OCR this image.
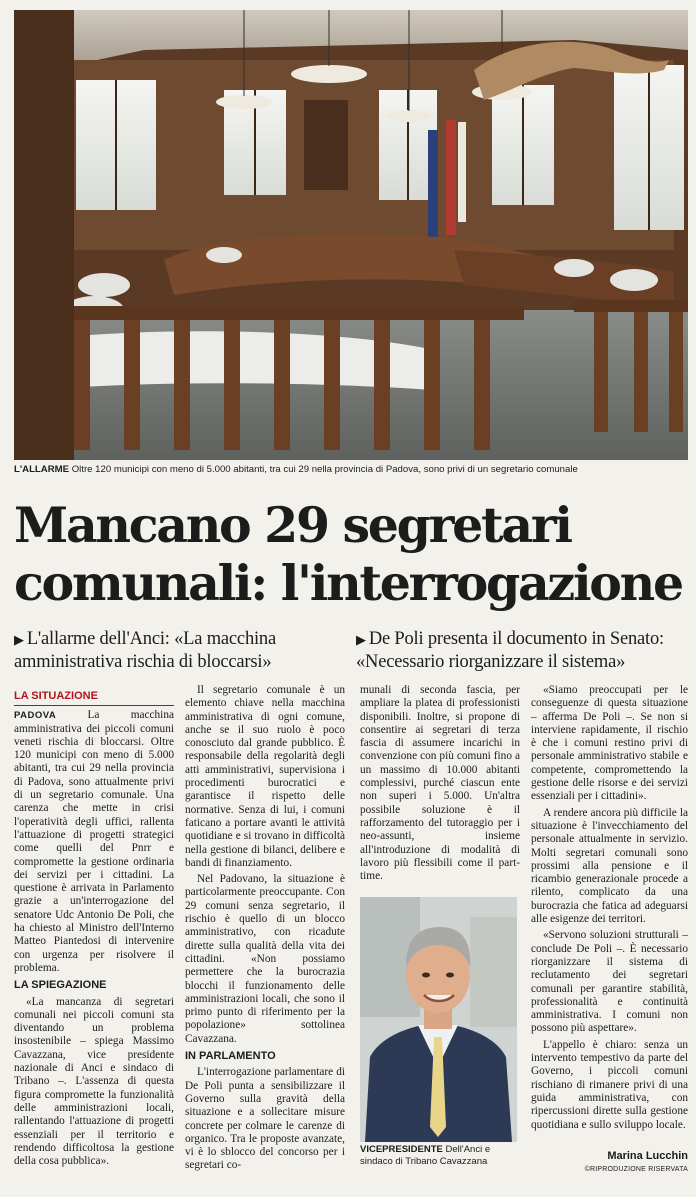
L'ALLARME Oltre 120 municipi con meno di 5.000 abitanti, tra cui 29 nella provincia di Padova, sono privi di un segretario comunale
Mancano 29 segretari
comunali: l'interrogazione
▶ L'allarme dell'Anci: «La macchina
amministrativa rischia di bloccarsi»
▶ De Poli presenta il documento in Senato:
«Necessario riorganizzare il sistema»
LA SITUAZIONE

PADOVA	La macchina amministrativa dei piccoli comuni veneti rischia di bloccarsi. Oltre 120 municipi con meno di 5.000 abitanti, tra cui 29 nella provincia di Padova, sono attualmente privi di un segretario comunale. Una carenza che mette in crisi l'operatività degli uffici, rallenta l'attuazione di progetti strategici come quelli del Pnrr e compromette la gestione ordinaria dei servizi per i cittadini. La questione è arrivata in Parlamento grazie a un'interrogazione del senatore Udc Antonio De Poli, che ha chiesto al Ministro dell'Interno Matteo Piantedosi di intervenire con urgenza per risolvere il problema.

LA SPIEGAZIONE

«La mancanza di segretari comunali nei piccoli comuni sta diventando un problema insostenibile – spiega Massimo Cavazzana, vice presidente nazionale di Anci e sindaco di Tribano –. L'assenza di questa figura compromette la funzionalità delle amministrazioni locali, rallentando l'attuazione di progetti essenziali per il territorio e rendendo difficoltosa la gestione della cosa pubblica».

Il segretario comunale è un elemento chiave nella macchina amministrativa di ogni comune, anche se il suo ruolo è poco conosciuto dal grande pubblico. È responsabile della regolarità degli atti amministrativi, supervisiona i procedimenti burocratici e garantisce il rispetto delle normative. Senza di lui, i comuni faticano a portare avanti le attività quotidiane e si trovano in difficoltà nella gestione di bilanci, delibere e bandi di finanziamento.

Nel Padovano, la situazione è particolarmente preoccupante. Con 29 comuni senza segretario, il rischio è quello di un blocco amministrativo, con ricadute dirette sulla qualità della vita dei cittadini. «Non possiamo permettere che la burocrazia blocchi il funzionamento delle amministrazioni locali, che sono il primo punto di riferimento per la popolazione» sottolinea Cavazzana.

IN PARLAMENTO

L'interrogazione parlamentare di De Poli punta a sensibilizzare il Governo sulla gravità della situazione e a sollecitare misure concrete per colmare le carenze di organico. Tra le proposte avanzate, vi è lo sblocco del concorso per i segretari co-

munali di seconda fascia, per ampliare la platea di professionisti disponibili. Inoltre, si propone di consentire ai segretari di terza fascia di assumere incarichi in convenzione con più comuni fino a un massimo di 10.000 abitanti complessivi, purché ciascun ente non superi i 5.000. Un'altra possibile soluzione è il rafforzamento del tutoraggio per i neo-assunti, insieme all'introduzione di modalità di lavoro più flessibili come il part-time.

VICEPRESIDENTE Dell'Anci e sindaco di Tribano Cavazzana

«Siamo preoccupati per le conseguenze di questa situazione – afferma De Poli –. Se non si interviene rapidamente, il rischio è che i comuni restino privi di personale amministrativo stabile e competente, compromettendo la gestione delle risorse e dei servizi essenziali per i cittadini».

A rendere ancora più difficile la situazione è l'invecchiamento del personale attualmente in servizio. Molti segretari comunali sono prossimi alla pensione e il ricambio generazionale procede a rilento, complicato da una burocrazia che fatica ad adeguarsi alle esigenze dei territori.

«Servono soluzioni strutturali – conclude De Poli –. È necessario riorganizzare il sistema di reclutamento dei segretari comunali per garantire stabilità, professionalità e continuità amministrativa. I comuni non possono più aspettare».

L'appello è chiaro: senza un intervento tempestivo da parte del Governo, i piccoli comuni rischiano di rimanere privi di una guida amministrativa, con ripercussioni dirette sulla gestione quotidiana e sullo sviluppo locale.

Marina Lucchin
©RIPRODUZIONE RISERVATA
